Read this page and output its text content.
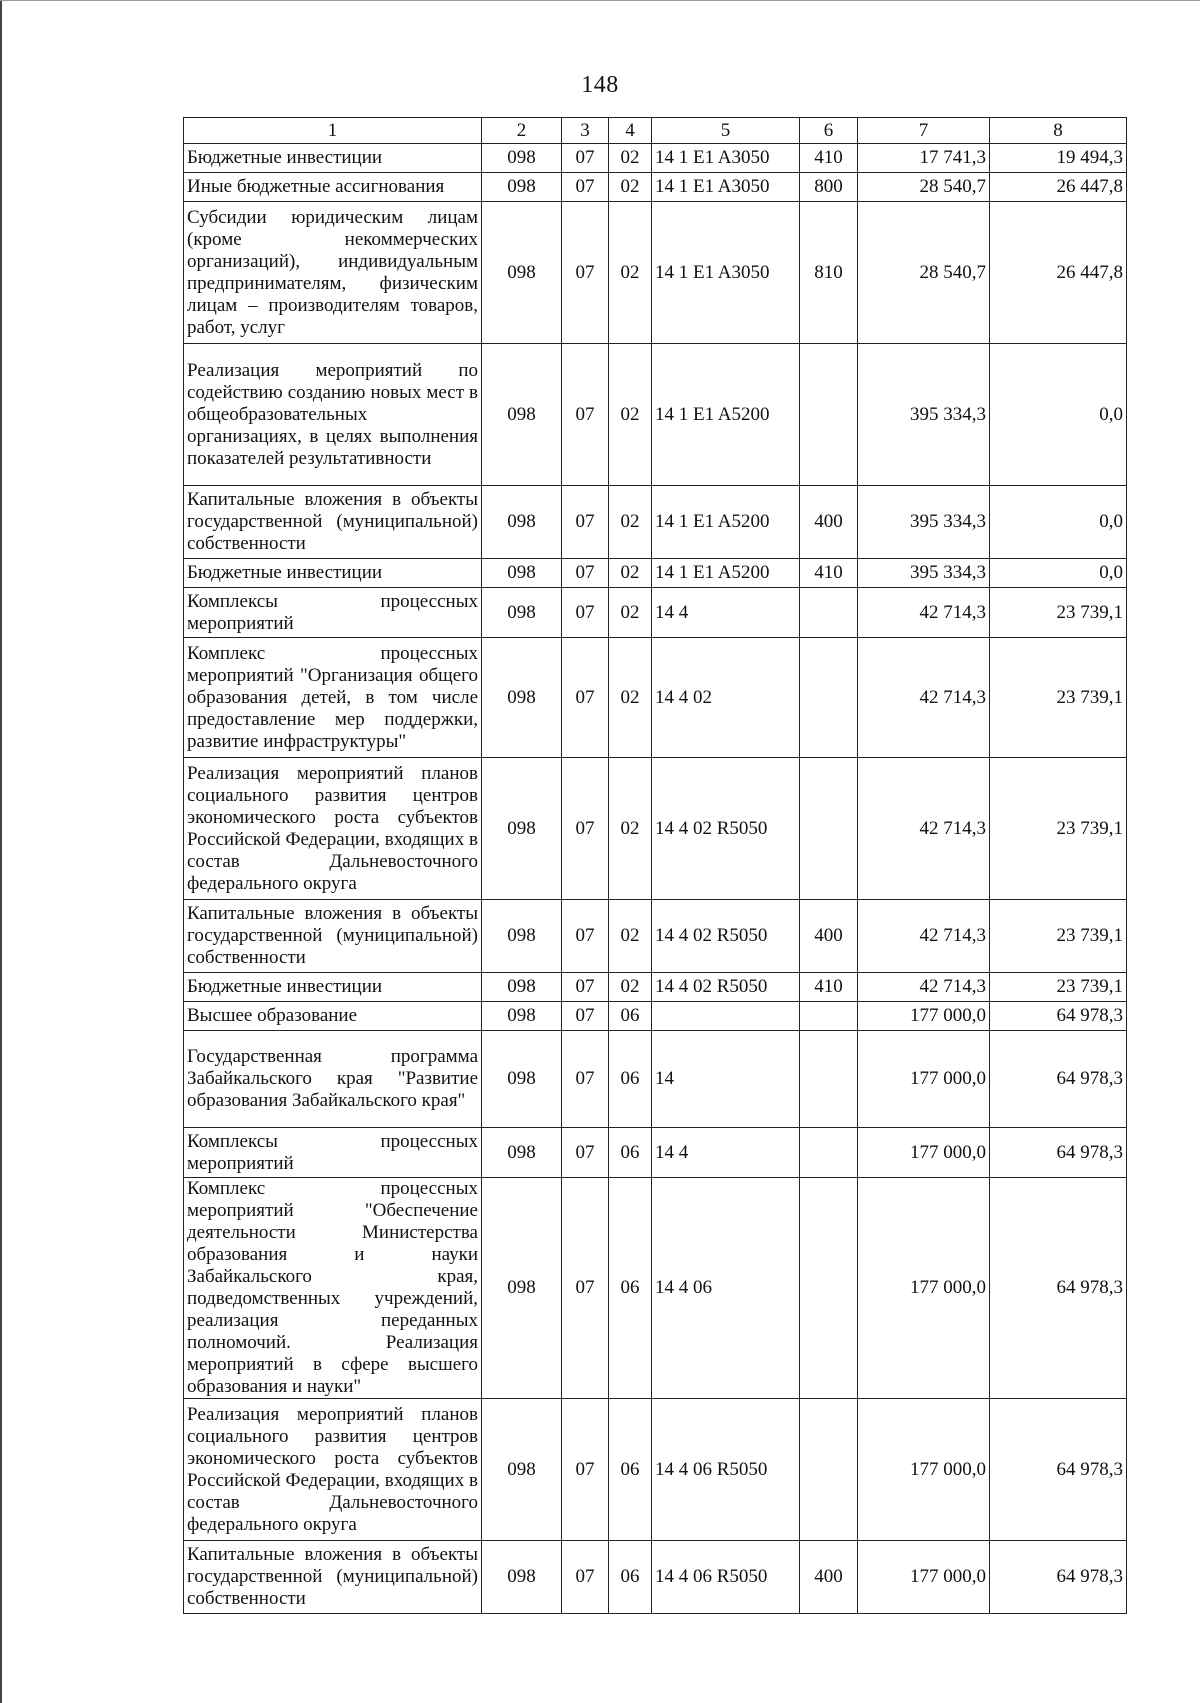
148
1	2	3	4	5	6	7	8
Бюджетные инвестиции	098	07	02	14 1 E1 A3050	410	17 741,3	19 494,3
Иные бюджетные ассигнования	098	07	02	14 1 E1 A3050	800	28 540,7	26 447,8
Субсидии юридическим лицам (кроме некоммерческих организаций), индивидуальным предпринимателям, физическим лицам – производителям товаров, работ, услуг	098	07	02	14 1 E1 A3050	810	28 540,7	26 447,8
Реализация мероприятий по содействию созданию новых мест в общеобразовательных организациях, в целях выполнения показателей результативности	098	07	02	14 1 E1 A5200		395 334,3	0,0
Капитальные вложения в объекты государственной (муниципальной) собственности	098	07	02	14 1 E1 A5200	400	395 334,3	0,0
Бюджетные инвестиции	098	07	02	14 1 E1 A5200	410	395 334,3	0,0
Комплексы процессных мероприятий	098	07	02	14 4		42 714,3	23 739,1
Комплекс процессных мероприятий "Организация общего образования детей, в том числе предоставление мер поддержки, развитие инфраструктуры"	098	07	02	14 4 02		42 714,3	23 739,1
Реализация мероприятий планов социального развития центров экономического роста субъектов Российской Федерации, входящих в состав Дальневосточного федерального округа	098	07	02	14 4 02 R5050		42 714,3	23 739,1
Капитальные вложения в объекты государственной (муниципальной) собственности	098	07	02	14 4 02 R5050	400	42 714,3	23 739,1
Бюджетные инвестиции	098	07	02	14 4 02 R5050	410	42 714,3	23 739,1
Высшее образование	098	07	06			177 000,0	64 978,3
Государственная программа Забайкальского края "Развитие образования Забайкальского края"	098	07	06	14		177 000,0	64 978,3
Комплексы процессных мероприятий	098	07	06	14 4		177 000,0	64 978,3
Комплекс процессных мероприятий "Обеспечение деятельности Министерства образования и науки Забайкальского края, подведомственных учреждений, реализация переданных полномочий. Реализация мероприятий в сфере высшего образования и науки"	098	07	06	14 4 06		177 000,0	64 978,3
Реализация мероприятий планов социального развития центров экономического роста субъектов Российской Федерации, входящих в состав Дальневосточного федерального округа	098	07	06	14 4 06 R5050		177 000,0	64 978,3
Капитальные вложения в объекты государственной (муниципальной) собственности	098	07	06	14 4 06 R5050	400	177 000,0	64 978,3
